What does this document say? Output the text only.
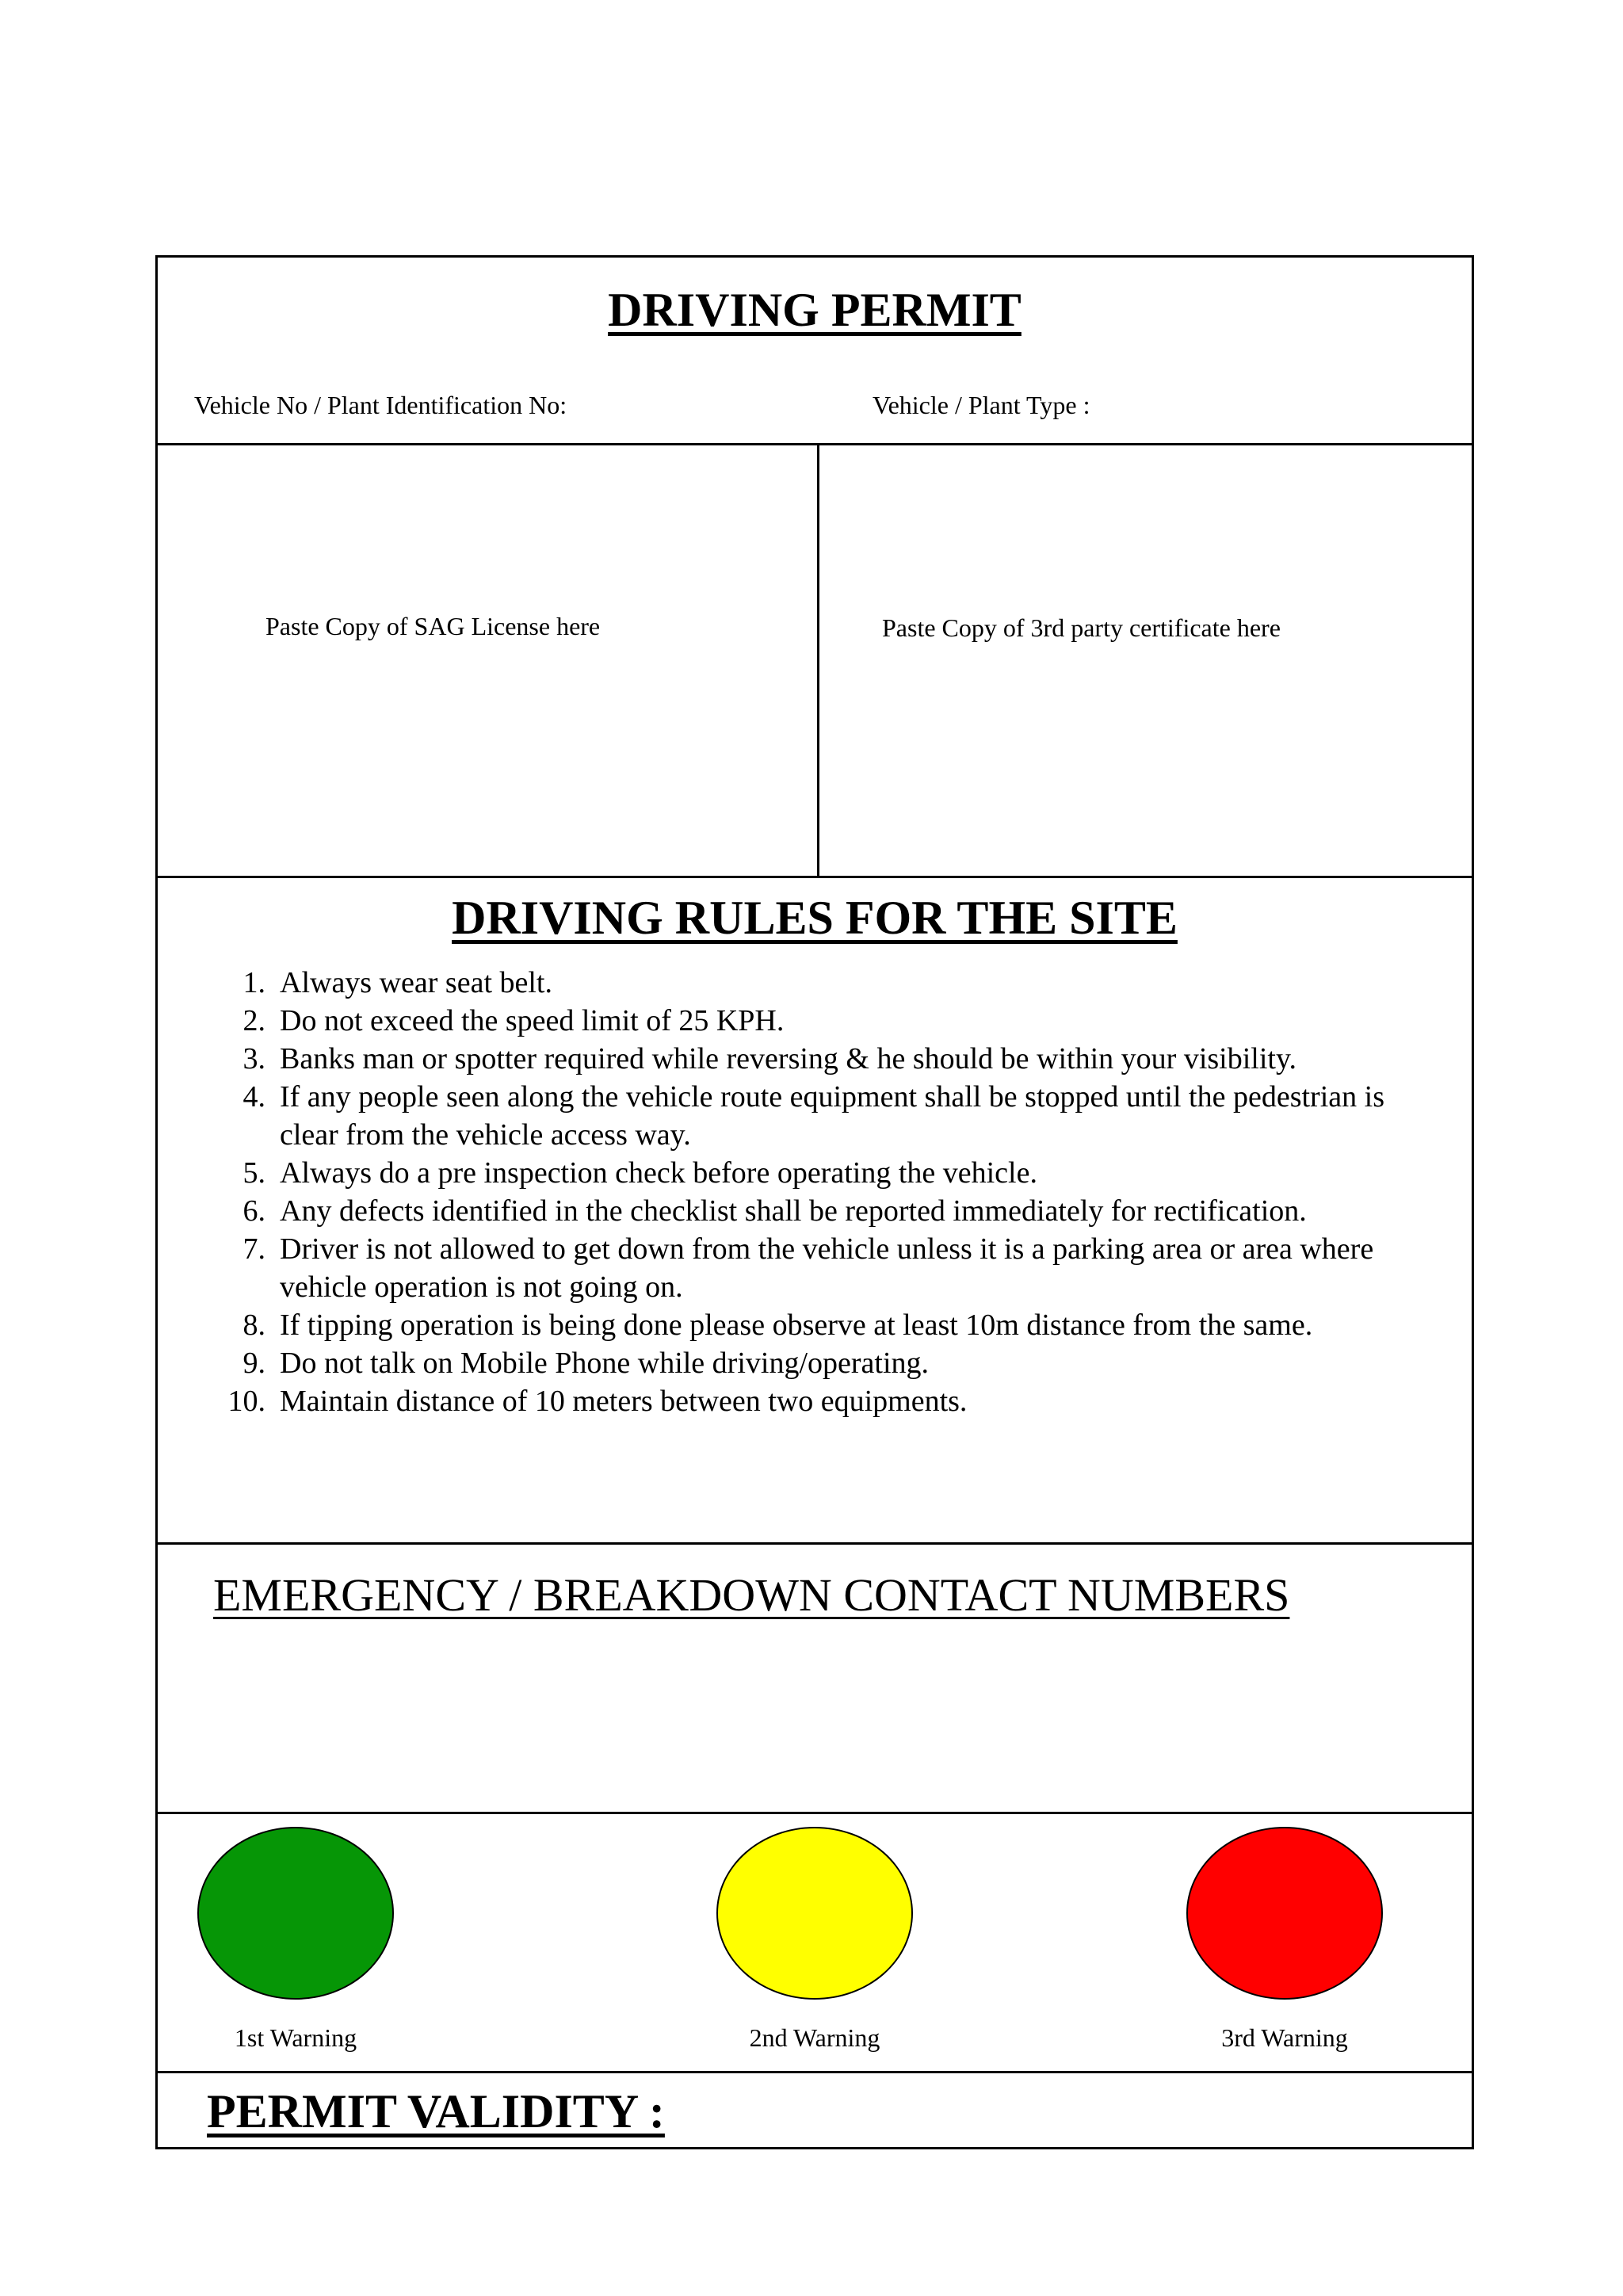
DRIVING PERMIT
Vehicle No / Plant Identification No:	Vehicle / Plant Type :
Paste Copy of SAG License here	Paste Copy of 3rd party certificate here
DRIVING RULES FOR THE SITE
1. Always wear seat belt.
2. Do not exceed the speed limit of 25 KPH.
3. Banks man or spotter required while reversing & he should be within your visibility.
4. If any people seen along the vehicle route equipment shall be stopped until the pedestrian is clear from the vehicle access way.
5. Always do a pre inspection check before operating the vehicle.
6. Any defects identified in the checklist shall be reported immediately for rectification.
7. Driver is not allowed to get down from the vehicle unless it is a parking area or area where vehicle operation is not going on.
8. If tipping operation is being done please observe at least 10m distance from the same.
9. Do not talk on Mobile Phone while driving/operating.
10. Maintain distance of 10 meters between two equipments.
EMERGENCY / BREAKDOWN CONTACT NUMBERS
1st Warning	2nd Warning	3rd Warning
PERMIT VALIDITY :
